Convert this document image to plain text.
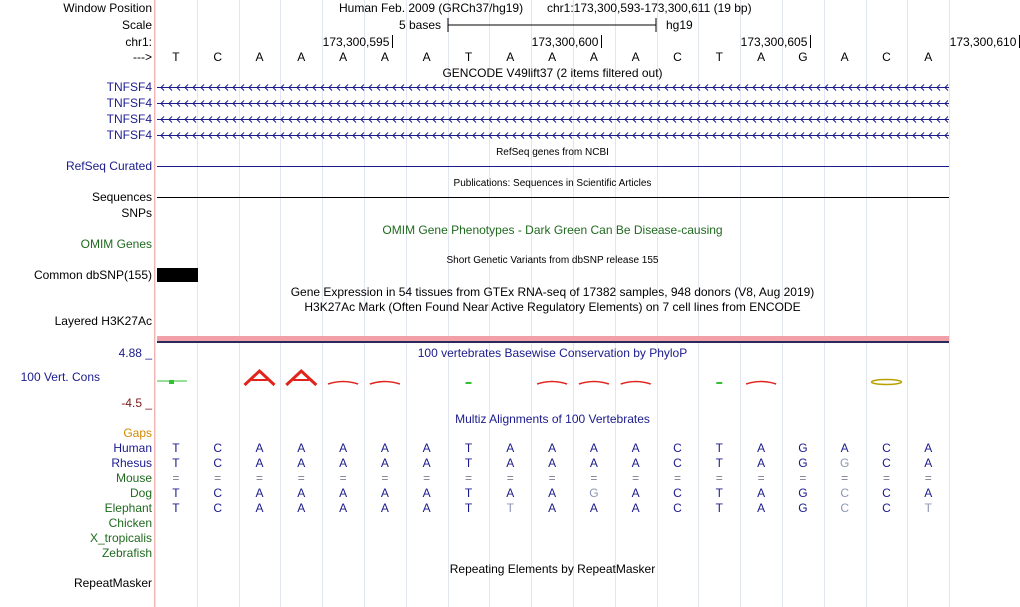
Window Position	Human Feb. 2009 (GRCh37/hg19) chr1:173,300,593-173,300,611 (19 bp)
Scale	5 bases	hg19
chr1:
--->
GENCODE V49lift37 (2 items filtered out)
RefSeq genes from NCBI
RefSeq Curated
Publications: Sequences in Scientific Articles
Sequences
SNPs
OMIM Gene Phenotypes - Dark Green Can Be Disease-causing
OMIM Genes
Short Genetic Variants from dbSNP release 155
Common dbSNP(155)
Gene Expression in 54 tissues from GTEx RNA-seq of 17382 samples, 948 donors (V8, Aug 2019)
H3K27Ac Mark (Often Found Near Active Regulatory Elements) on 7 cell lines from ENCODE
Layered H3K27Ac
4.88 _	100 vertebrates Basewise Conservation by PhyloP
100 Vert. Cons
-4.5 _
Multiz Alignments of 100 Vertebrates
Gaps
Repeating Elements by RepeatMasker
RepeatMasker
173,300,595	173,300,600	173,300,605	173,300,610
T	C	A	A	A	A	A	T	A	A	A	A	C	T	A	G	A	C	A
TNFSF4
TNFSF4
TNFSF4
TNFSF4
Human	T	C	A	A	A	A	A	T	A	A	A	A	C	T	A	G	A	C	A
Rhesus	T	C	A	A	A	A	A	T	A	A	A	A	C	T	A	G	G	C	A
Mouse	=	=	=	=	=	=	=	=	=	=	=	=	=	=	=	=	=	=	=
Dog	T	C	A	A	A	A	A	T	A	A	G	A	C	T	A	G	C	C	A
Elephant	T	C	A	A	A	A	A	T	T	A	A	A	C	T	A	G	C	C	T
Chicken
X_tropicalis
Zebrafish
